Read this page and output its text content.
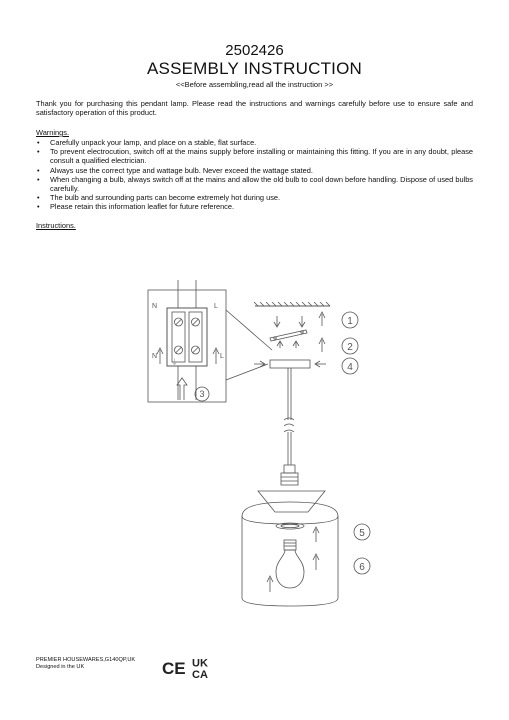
2502426

ASSEMBLY INSTRUCTION

<<Before assembling,read all the instruction >>

Thank you for purchasing this pendant lamp. Please read the instructions and warnings carefully before use to ensure safe and satisfactory operation of this product.

Warnings.

• Carefully unpack your lamp, and place on a stable, flat surface.
• To prevent electrocution, switch off at the mains supply before installing or maintaining this fitting. If you are in any doubt, please consult a qualified electrician.
• Always use the correct type and wattage bulb. Never exceed the wattage stated.
• When changing a bulb, always switch off at the mains and allow the old bulb to cool down before handling. Dispose of used bulbs carefully.
• The bulb and surrounding parts can become extremely hot during use.
• Please retain this information leaflet for future reference.

Instructions.

N	L
N	L
⏚
3
1
2
4
5
6

PREMIER HOUSEWARES,G140QP,UK

Designed in the UK	CE UK
CA
